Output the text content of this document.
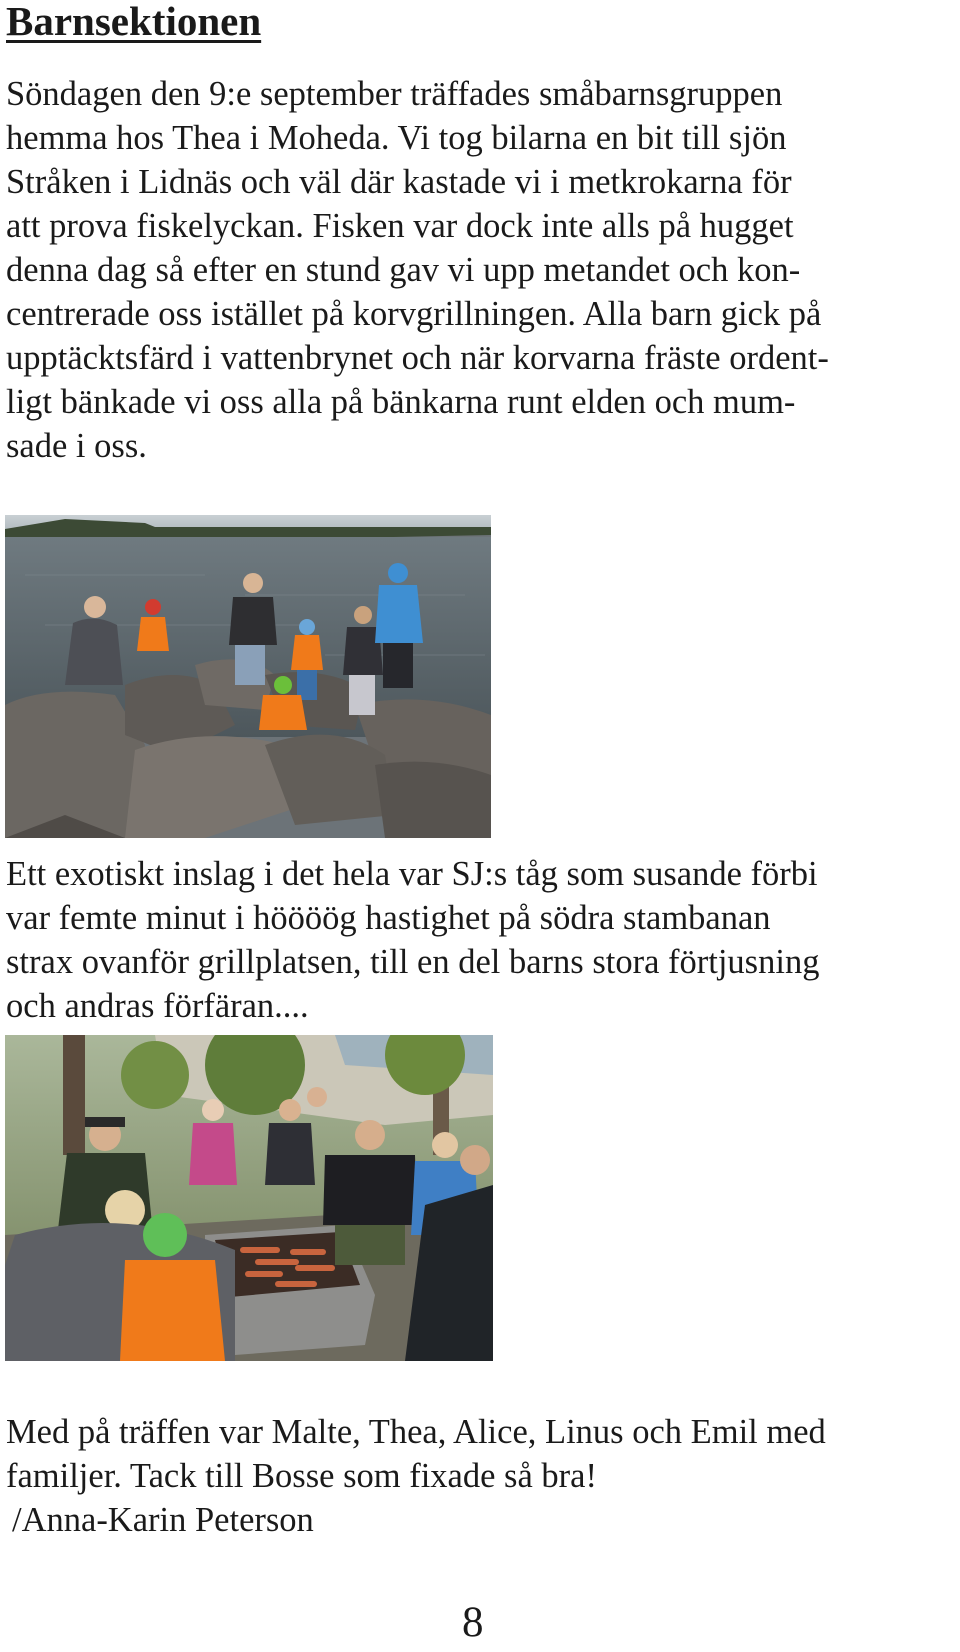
Barnsektionen

Söndagen den 9:e september träffades småbarnsgruppen
hemma hos Thea i Moheda. Vi tog bilarna en bit till sjön
Stråken i Lidnäs och väl där kastade vi i metkrokarna för
att prova fiskelyckan. Fisken var dock inte alls på hugget
denna dag så efter en stund gav vi upp metandet och kon-
centrerade oss istället på korvgrillningen. Alla barn gick på
upptäcktsfärd i vattenbrynet och när korvarna fräste ordent-
ligt bänkade vi oss alla på bänkarna runt elden och mum-
sade i oss.

Ett exotiskt inslag i det hela var SJ:s tåg som susande förbi
var femte minut i höööög hastighet på södra stambanan
strax ovanför grillplatsen, till en del barns stora förtjusning
och andras förfäran....

Med på träffen var Malte, Thea, Alice, Linus och Emil med
familjer. Tack till Bosse som fixade så bra!

/Anna-Karin Peterson

8
